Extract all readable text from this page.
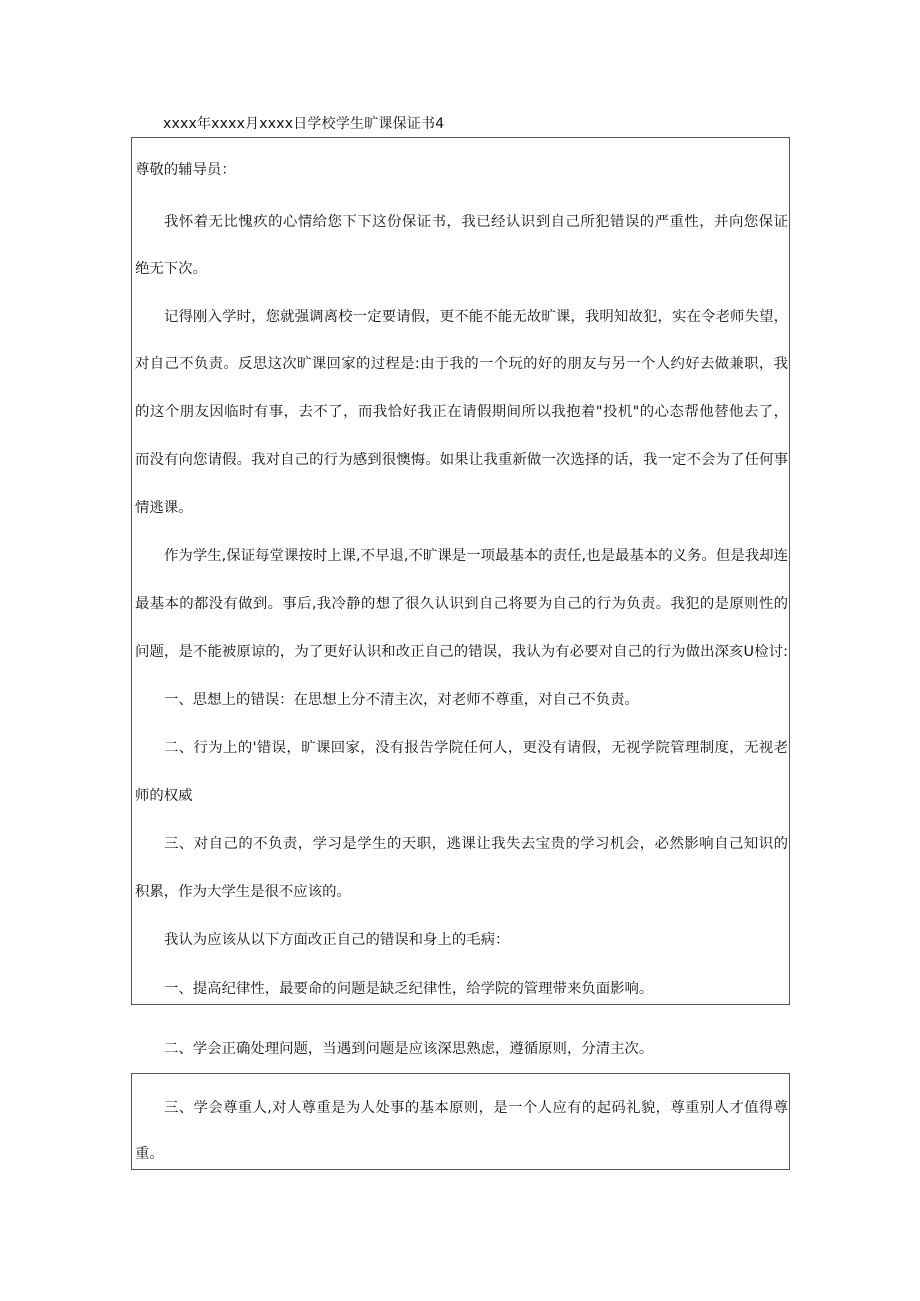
xxxx年xxxx月xxxx日学校学生旷课保证书4
尊敬的辅导员：
我怀着无比愧疚的心情给您下下这份保证书，我已经认识到自己所犯错误的严重性，并向您保证
绝无下次。
记得刚入学时，您就强调离校一定要请假，更不能不能无故旷课，我明知故犯，实在令老师失望，
对自己不负责。反思这次旷课回家的过程是:由于我的一个玩的好的朋友与另一个人约好去做兼职，我
的这个朋友因临时有事，去不了，而我恰好我正在请假期间所以我抱着"投机"的心态帮他替他去了，
而没有向您请假。我对自己的行为感到很懊悔。如果让我重新做一次选择的话，我一定不会为了任何事
情逃课。
作为学生,保证每堂课按时上课,不早退,不旷课是一项最基本的责任,也是最基本的义务。但是我却连
最基本的都没有做到。事后,我冷静的想了很久认识到自己将要为自己的行为负责。我犯的是原则性的
问题，是不能被原谅的，为了更好认识和改正自己的错误，我认为有必要对自己的行为做出深亥U检讨:
一、思想上的错误：在思想上分不清主次，对老师不尊重，对自己不负责。
二、行为上的'错误，旷课回家，没有报告学院任何人，更没有请假，无视学院管理制度，无视老
师的权威
三、对自己的不负责，学习是学生的天职，逃课让我失去宝贵的学习机会，必然影响自己知识的
积累，作为大学生是很不应该的。
我认为应该从以下方面改正自己的错误和身上的毛病：
一、提高纪律性，最要命的问题是缺乏纪律性，给学院的管理带来负面影响。
二、学会正确处理问题，当遇到问题是应该深思熟虑，遵循原则，分清主次。
三、学会尊重人,对人尊重是为人处事的基本原则，是一个人应有的起码礼貌，尊重别人才值得尊
重。
